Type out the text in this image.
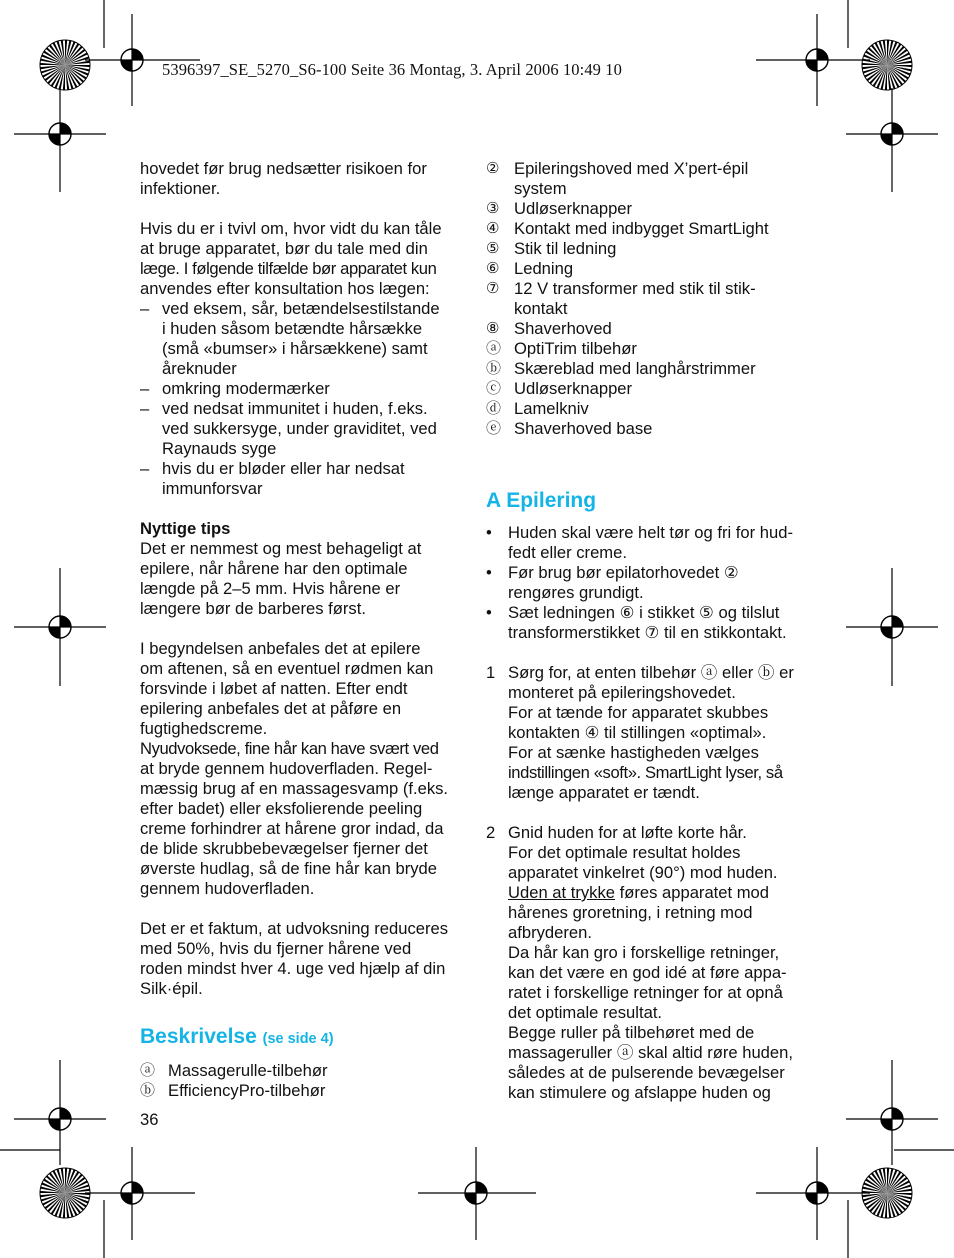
5396397_SE_5270_S6-100 Seite 36 Montag, 3. April 2006 10:49 10

hovedet før brug nedsætter risikoen for
infektioner.

Hvis du er i tvivl om, hvor vidt du kan tåle
at bruge apparatet, bør du tale med din
læge. I følgende tilfælde bør apparatet kun
anvendes efter konsultation hos lægen:

– ved eksem, sår, betændelsestilstande
i huden såsom betændte hårsække
(små «bumser» i hårsækkene) samt
åreknuder
– omkring modermærker
– ved nedsat immunitet i huden, f.eks.
ved sukkersyge, under graviditet, ved
Raynauds syge
– hvis du er bløder eller har nedsat
immunforsvar

Nyttige tips

Det er nemmest og mest behageligt at
epilere, når hårene har den optimale
længde på 2–5 mm. Hvis hårene er
længere bør de barberes først.

I begyndelsen anbefales det at epilere
om aftenen, så en eventuel rødmen kan
forsvinde i løbet af natten. Efter endt
epilering anbefales det at påføre en
fugtighedscreme.
Nyudvoksede, fine hår kan have svært ved
at bryde gennem hudoverfladen. Regel-
mæssig brug af en massagesvamp (f.eks.
efter badet) eller eksfolierende peeling
creme forhindrer at hårene gror indad, da
de blide skrubbebevægelser fjerner det
øverste hudlag, så de fine hår kan bryde
gennem hudoverfladen.

Det er et faktum, at udvoksning reduceres
med 50%, hvis du fjerner hårene ved
roden mindst hver 4. uge ved hjælp af din
Silk·épil.

Beskrivelse (se side 4)
ⓐ Massagerulle-tilbehør
ⓑ EfficiencyPro-tilbehør
36
② Epileringshoved med X’pert-épil
system
③ Udløserknapper
④ Kontakt med indbygget SmartLight
⑤ Stik til ledning
⑥ Ledning
⑦ 12 V transformer med stik til stik-
kontakt
⑧ Shaverhoved
ⓐ OptiTrim tilbehør
ⓑ Skæreblad med langhårstrimmer
ⓒ Udløserknapper
ⓓ Lamelkniv
ⓔ Shaverhoved base
A Epilering
• Huden skal være helt tør og fri for hud-
fedt eller creme.
• Før brug bør epilatorhovedet ②
rengøres grundigt.
• Sæt ledningen ⑥ i stikket ⑤ og tilslut
transformerstikket ⑦ til en stikkontakt.
1 Sørg for, at enten tilbehør ⓐ eller ⓑ er
monteret på epileringshovedet.
For at tænde for apparatet skubbes
kontakten ④ til stillingen «optimal».
For at sænke hastigheden vælges
indstillingen «soft». SmartLight lyser, så
længe apparatet er tændt.
2 Gnid huden for at løfte korte hår.
For det optimale resultat holdes
apparatet vinkelret (90°) mod huden.
Uden at trykke føres apparatet mod
hårenes groretning, i retning mod
afbryderen.
Da hår kan gro i forskellige retninger,
kan det være en god idé at føre appa-
ratet i forskellige retninger for at opnå
det optimale resultat.
Begge ruller på tilbehøret med de
massageruller ⓐ skal altid røre huden,
således at de pulserende bevægelser
kan stimulere og afslappe huden og
